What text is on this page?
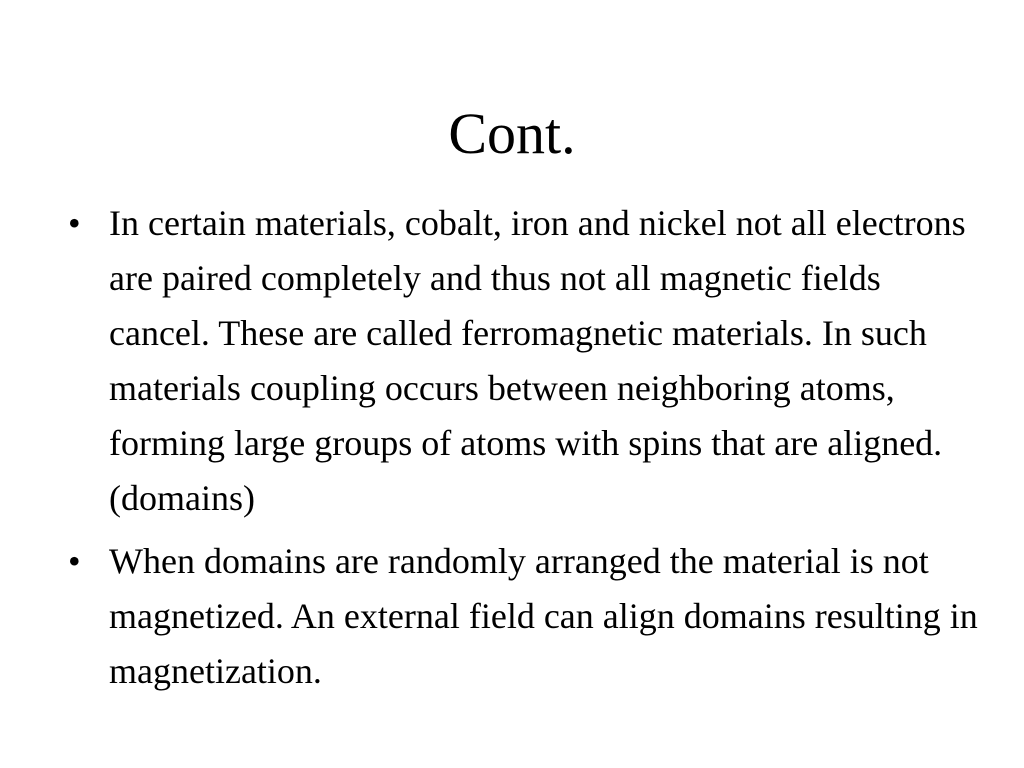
Cont.
• In certain materials, cobalt, iron and nickel not all electrons are paired completely and thus not all magnetic fields cancel. These are called ferromagnetic materials. In such materials coupling occurs between neighboring atoms, forming large groups of atoms with spins that are aligned. (domains)
• When domains are randomly arranged the material is not magnetized. An external field can align domains resulting in magnetization.
